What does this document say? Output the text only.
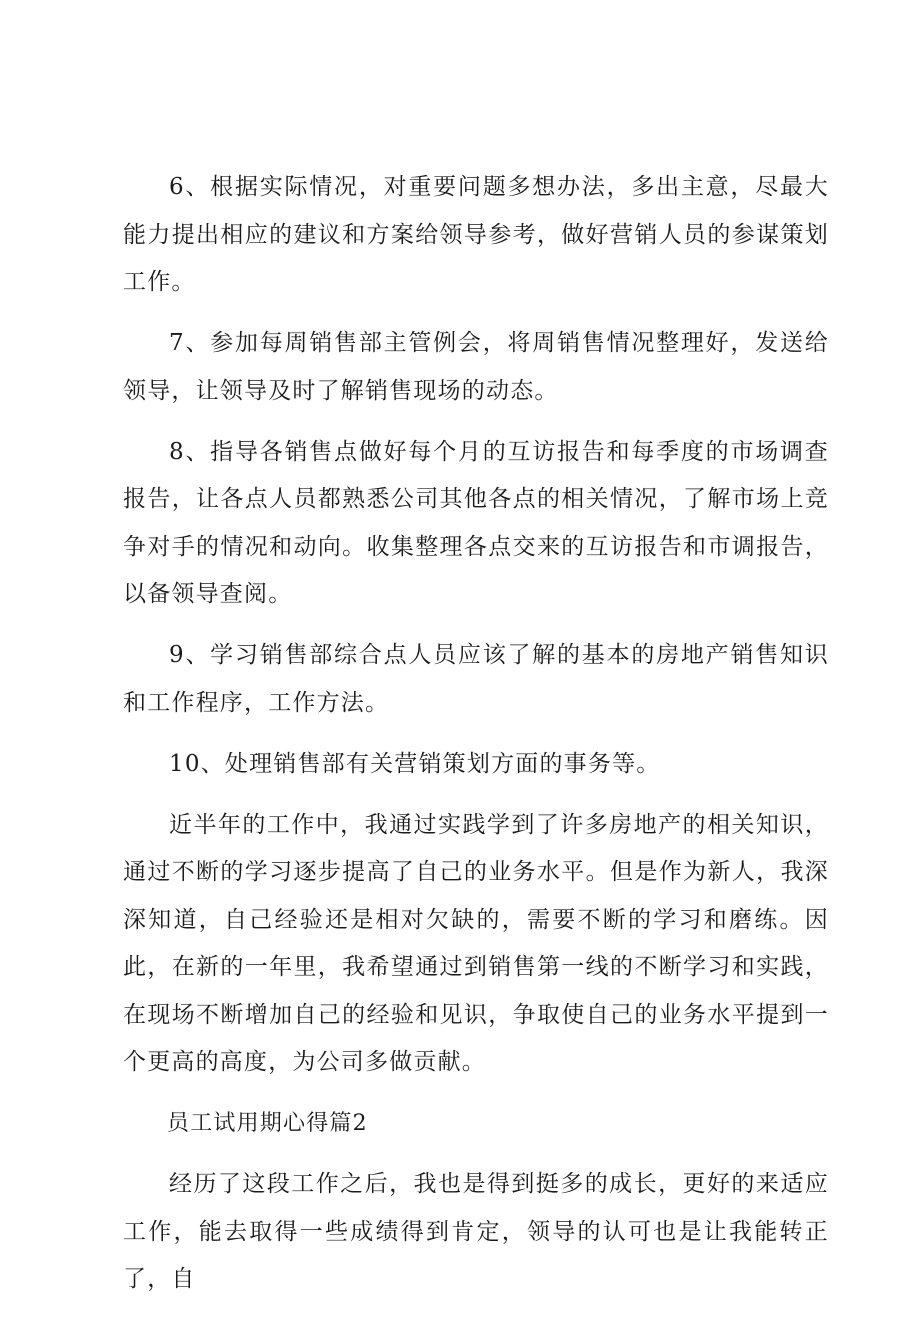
6、根据实际情况，对重要问题多想办法，多出主意，尽最大能力提出相应的建议和方案给领导参考，做好营销人员的参谋策划工作。

7、参加每周销售部主管例会，将周销售情况整理好，发送给领导，让领导及时了解销售现场的动态。

8、指导各销售点做好每个月的互访报告和每季度的市场调查报告，让各点人员都熟悉公司其他各点的相关情况，了解市场上竞争对手的情况和动向。收集整理各点交来的互访报告和市调报告，以备领导查阅。

9、学习销售部综合点人员应该了解的基本的房地产销售知识和工作程序，工作方法。

10、处理销售部有关营销策划方面的事务等。

近半年的工作中，我通过实践学到了许多房地产的相关知识，通过不断的学习逐步提高了自己的业务水平。但是作为新人，我深深知道，自己经验还是相对欠缺的，需要不断的学习和磨练。因此，在新的一年里，我希望通过到销售第一线的不断学习和实践，在现场不断增加自己的经验和见识，争取使自己的业务水平提到一个更高的高度，为公司多做贡献。

员工试用期心得篇2

经历了这段工作之后，我也是得到挺多的成长，更好的来适应工作，能去取得一些成绩得到肯定，领导的认可也是让我能转正了，自
